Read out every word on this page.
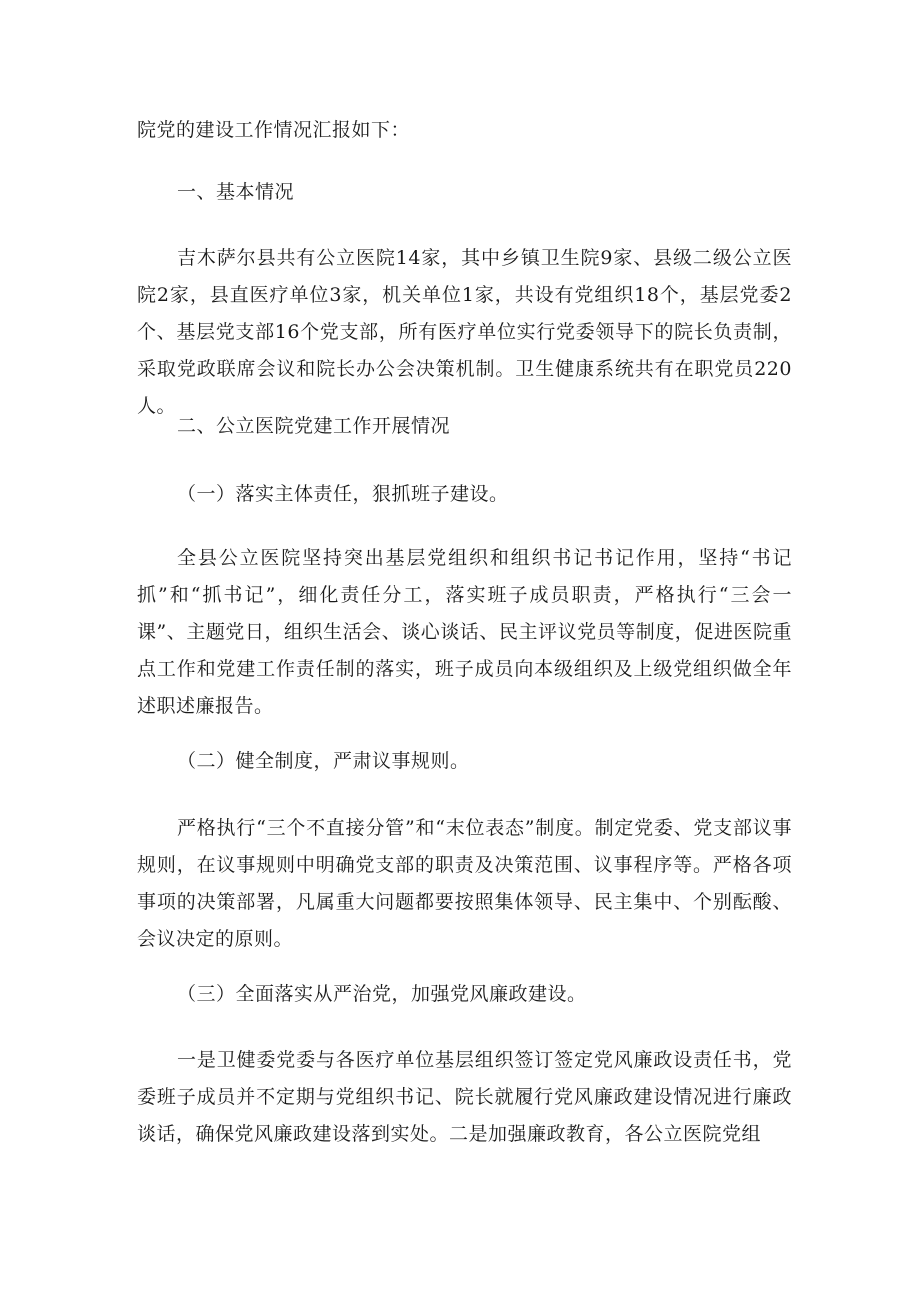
院党的建设工作情况汇报如下：

一、基本情况

吉木萨尔县共有公立医院14家，其中乡镇卫生院9家、县级二级公立医院2家，县直医疗单位3家，机关单位1家，共设有党组织18个，基层党委2个、基层党支部16个党支部，所有医疗单位实行党委领导下的院长负责制，采取党政联席会议和院长办公会决策机制。卫生健康系统共有在职党员220人。

二、公立医院党建工作开展情况

（一）落实主体责任，狠抓班子建设。

全县公立医院坚持突出基层党组织和组织书记书记作用，坚持“书记抓”和“抓书记”，细化责任分工，落实班子成员职责，严格执行“三会一课”、主题党日，组织生活会、谈心谈话、民主评议党员等制度，促进医院重点工作和党建工作责任制的落实，班子成员向本级组织及上级党组织做全年述职述廉报告。

（二）健全制度，严肃议事规则。

严格执行“三个不直接分管”和“末位表态”制度。制定党委、党支部议事规则，在议事规则中明确党支部的职责及决策范围、议事程序等。严格各项事项的决策部署，凡属重大问题都要按照集体领导、民主集中、个别酝酸、会议决定的原则。

（三）全面落实从严治党，加强党风廉政建设。

一是卫健委党委与各医疗单位基层组织签订签定党风廉政设责任书，党委班子成员并不定期与党组织书记、院长就履行党风廉政建设情况进行廉政谈话，确保党风廉政建设落到实处。二是加强廉政教育，各公立医院党组
